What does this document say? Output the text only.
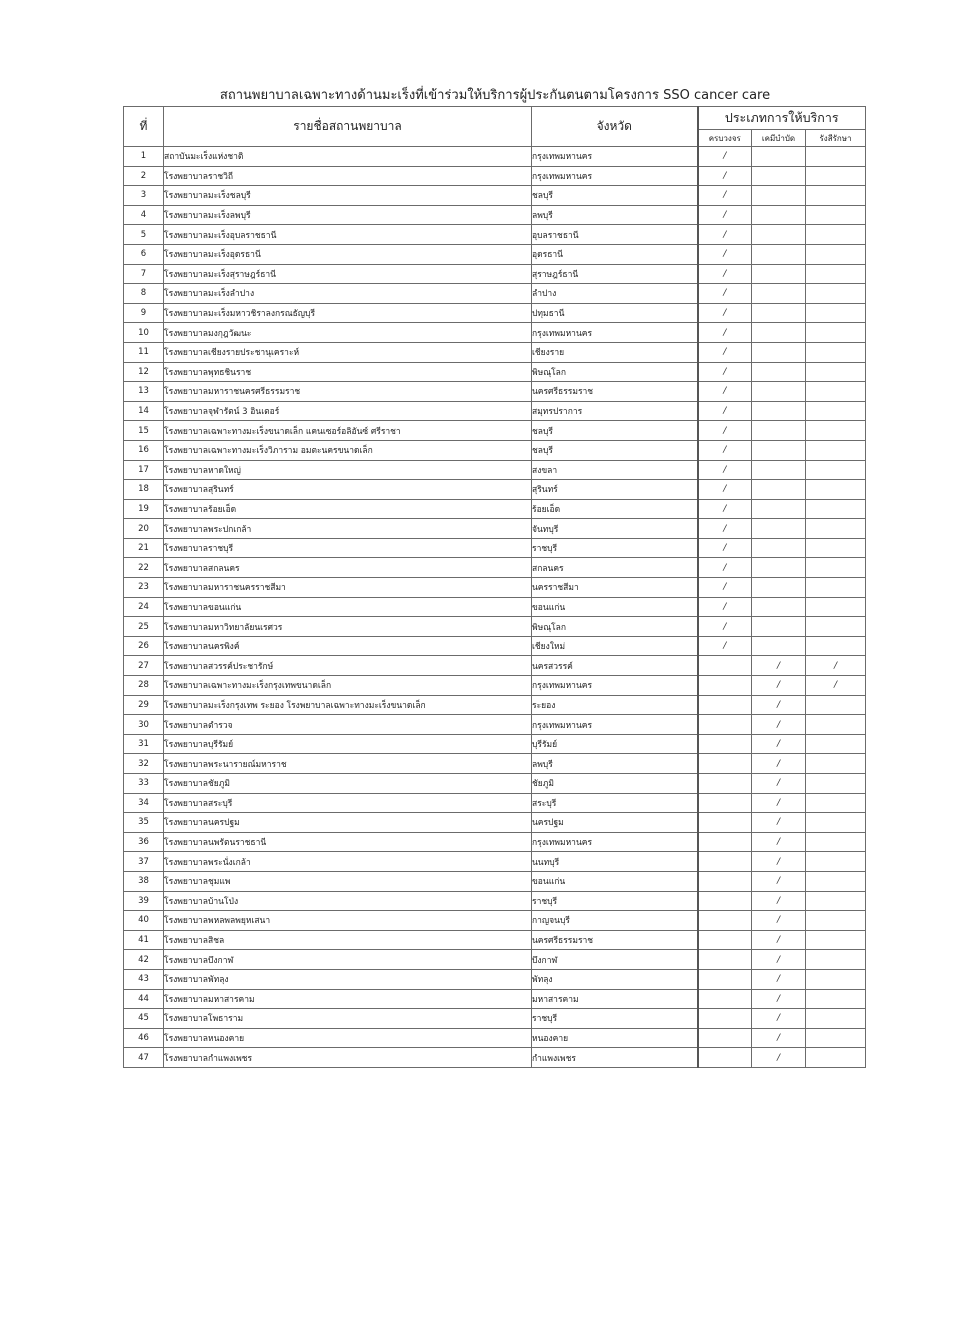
สถานพยาบาลเฉพาะทางด้านมะเร็งที่เข้าร่วมให้บริการผู้ประกันตนตามโครงการ SSO cancer care
ที่	รายชื่อสถานพยาบาล	จังหวัด	ประเภทการให้บริการ		
			ครบวงจร	เคมีบำบัด	รังสีรักษา
1	สถาบันมะเร็งแห่งชาติ	กรุงเทพมหานคร	/		
2	โรงพยาบาลราชวิถี	กรุงเทพมหานคร	/		
3	โรงพยาบาลมะเร็งชลบุรี	ชลบุรี	/		
4	โรงพยาบาลมะเร็งลพบุรี	ลพบุรี	/		
5	โรงพยาบาลมะเร็งอุบลราชธานี	อุบลราชธานี	/		
6	โรงพยาบาลมะเร็งอุดรธานี	อุดรธานี	/		
7	โรงพยาบาลมะเร็งสุราษฎร์ธานี	สุราษฎร์ธานี	/		
8	โรงพยาบาลมะเร็งลำปาง	ลำปาง	/		
9	โรงพยาบาลมะเร็งมหาวชิราลงกรณธัญบุรี	ปทุมธานี	/		
10	โรงพยาบาลมงกุฎวัฒนะ	กรุงเทพมหานคร	/		
11	โรงพยาบาลเชียงรายประชานุเคราะห์	เชียงราย	/		
12	โรงพยาบาลพุทธชินราช	พิษณุโลก	/		
13	โรงพยาบาลมหาราชนครศรีธรรมราช	นครศรีธรรมราช	/		
14	โรงพยาบาลจุฬารัตน์ 3 อินเตอร์	สมุทรปราการ	/		
15	โรงพยาบาลเฉพาะทางมะเร็งขนาดเล็ก แคนเซอร์อลิอันซ์ ศรีราชา	ชลบุรี	/		
16	โรงพยาบาลเฉพาะทางมะเร็งวิภาราม อมตะนครขนาดเล็ก	ชลบุรี	/		
17	โรงพยาบาลหาดใหญ่	สงขลา	/		
18	โรงพยาบาลสุรินทร์	สุรินทร์	/		
19	โรงพยาบาลร้อยเอ็ด	ร้อยเอ็ด	/		
20	โรงพยาบาลพระปกเกล้า	จันทบุรี	/		
21	โรงพยาบาลราชบุรี	ราชบุรี	/		
22	โรงพยาบาลสกลนคร	สกลนคร	/		
23	โรงพยาบาลมหาราชนครราชสีมา	นครราชสีมา	/		
24	โรงพยาบาลขอนแก่น	ขอนแก่น	/		
25	โรงพยาบาลมหาวิทยาลัยนเรศวร	พิษณุโลก	/		
26	โรงพยาบาลนครพิงค์	เชียงใหม่	/		
27	โรงพยาบาลสวรรค์ประชารักษ์	นครสวรรค์		/	/
28	โรงพยาบาลเฉพาะทางมะเร็งกรุงเทพขนาดเล็ก	กรุงเทพมหานคร		/	/
29	โรงพยาบาลมะเร็งกรุงเทพ ระยอง โรงพยาบาลเฉพาะทางมะเร็งขนาดเล็ก	ระยอง		/	
30	โรงพยาบาลตำรวจ	กรุงเทพมหานคร		/	
31	โรงพยาบาลบุรีรัมย์	บุรีรัมย์		/	
32	โรงพยาบาลพระนารายณ์มหาราช	ลพบุรี		/	
33	โรงพยาบาลชัยภูมิ	ชัยภูมิ		/	
34	โรงพยาบาลสระบุรี	สระบุรี		/	
35	โรงพยาบาลนครปฐม	นครปฐม		/	
36	โรงพยาบาลนพรัตนราชธานี	กรุงเทพมหานคร		/	
37	โรงพยาบาลพระนั่งเกล้า	นนทบุรี		/	
38	โรงพยาบาลชุมแพ	ขอนแก่น		/	
39	โรงพยาบาลบ้านโป่ง	ราชบุรี		/	
40	โรงพยาบาลพหลพลพยุหเสนา	กาญจนบุรี		/	
41	โรงพยาบาลสิชล	นครศรีธรรมราช		/	
42	โรงพยาบาลบึงกาฬ	บึงกาฬ		/	
43	โรงพยาบาลพัทลุง	พัทลุง		/	
44	โรงพยาบาลมหาสารคาม	มหาสารคาม		/	
45	โรงพยาบาลโพธาราม	ราชบุรี		/	
46	โรงพยาบาลหนองคาย	หนองคาย		/	
47	โรงพยาบาลกำแพงเพชร	กำแพงเพชร		/	
